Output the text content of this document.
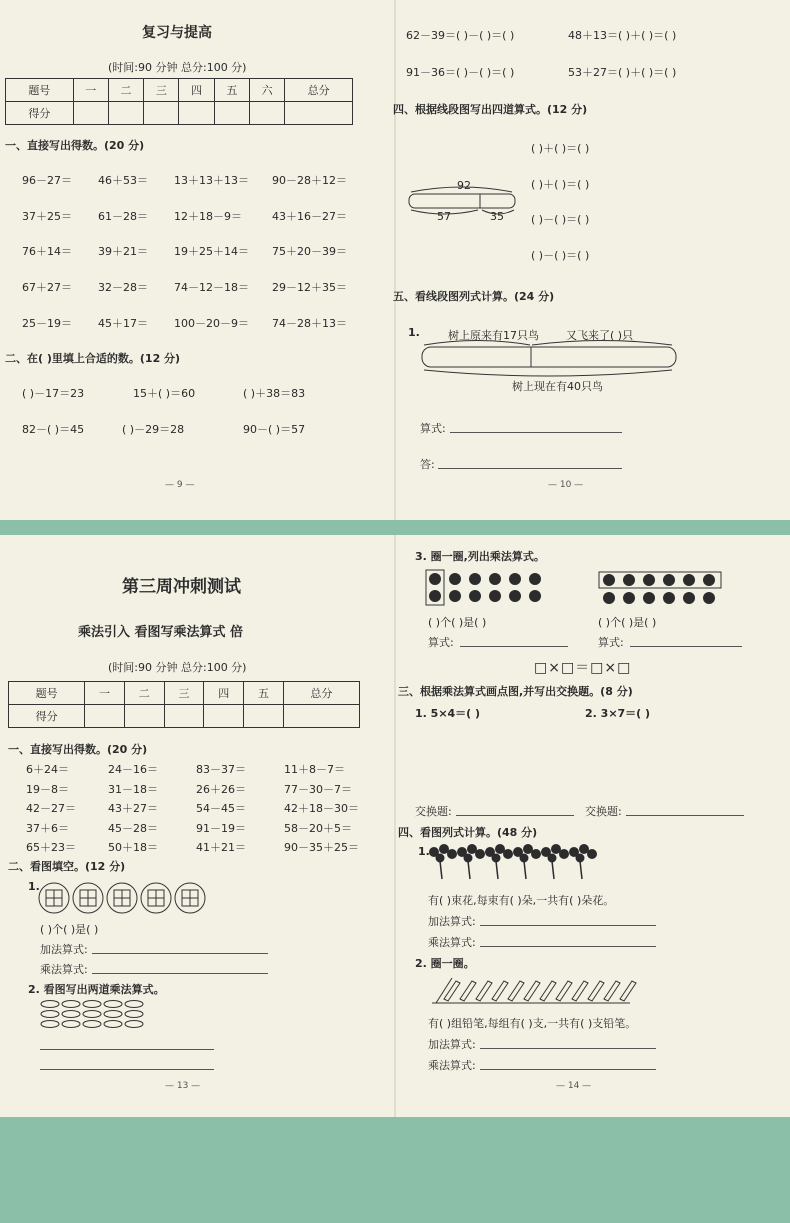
复习与提高
(时间:90 分钟 总分:100 分)
题号	一	二	三	四	五	六	总分
得分							
一、直接写出得数。(20 分)
96－27＝ 46＋53＝ 13＋13＋13＝ 90－28＋12＝
37＋25＝ 61－28＝ 12＋18－9＝	43＋16－27＝
76＋14＝ 39＋21＝ 19＋25＋14＝ 75＋20－39＝
67＋27＝ 32－28＝ 74－12－18＝ 29－12＋35＝
25－19＝ 45＋17＝ 100－20－9＝ 74－28＋13＝
二、在( )里填上合适的数。(12 分)
( )－17＝23	15＋( )＝60	( )＋38＝83
82－( )＝45	( )－29＝28	90－( )＝57
— 9 —
62－39＝( )－( )＝( )	48＋13＝( )＋( )＝( )
91－36＝( )－( )＝( )	53＋27＝( )＋( )＝( )
四、根据线段图写出四道算式。(12 分)
92
57	35
( )＋( )＝( )
( )＋( )＝( )
( )－( )＝( )
( )－( )＝( )
五、看线段图列式计算。(24 分)
1.	树上原来有17只鸟 又飞来了( )只
树上现在有40只鸟
算式:
答:
— 10 —
第三周冲刺测试
乘法引入 看图写乘法算式 倍
(时间:90 分钟 总分:100 分)
题号	一	二	三	四	五	总分
得分						
一、直接写出得数。(20 分)
6＋24＝	24－16＝	83－37＝	11＋8－7＝
19－8＝	31－18＝	26＋26＝	77－30－7＝
42－27＝	43＋27＝	54－45＝	42＋18－30＝
37＋6＝	45－28＝	91－19＝	58－20＋5＝
65＋23＝	50＋18＝	41＋21＝	90－35＋25＝
二、看图填空。(12 分)
1.
( )个( )是( )
加法算式:
乘法算式:
2. 看图写出两道乘法算式。
— 13 —
3. 圈一圈,列出乘法算式。
( )个( )是( )	( )个( )是( )
算式:	算式:
□×□＝□×□
三、根据乘法算式画点图,并写出交换题。(8 分)
1. 5×4＝( )	2. 3×7＝( )
交换题:	交换题:
四、看图列式计算。(48 分)
1.
有( )束花,每束有( )朵,一共有( )朵花。
加法算式:
乘法算式:
2. 圈一圈。
有( )组铅笔,每组有( )支,一共有( )支铅笔。
加法算式:
乘法算式:
— 14 —
